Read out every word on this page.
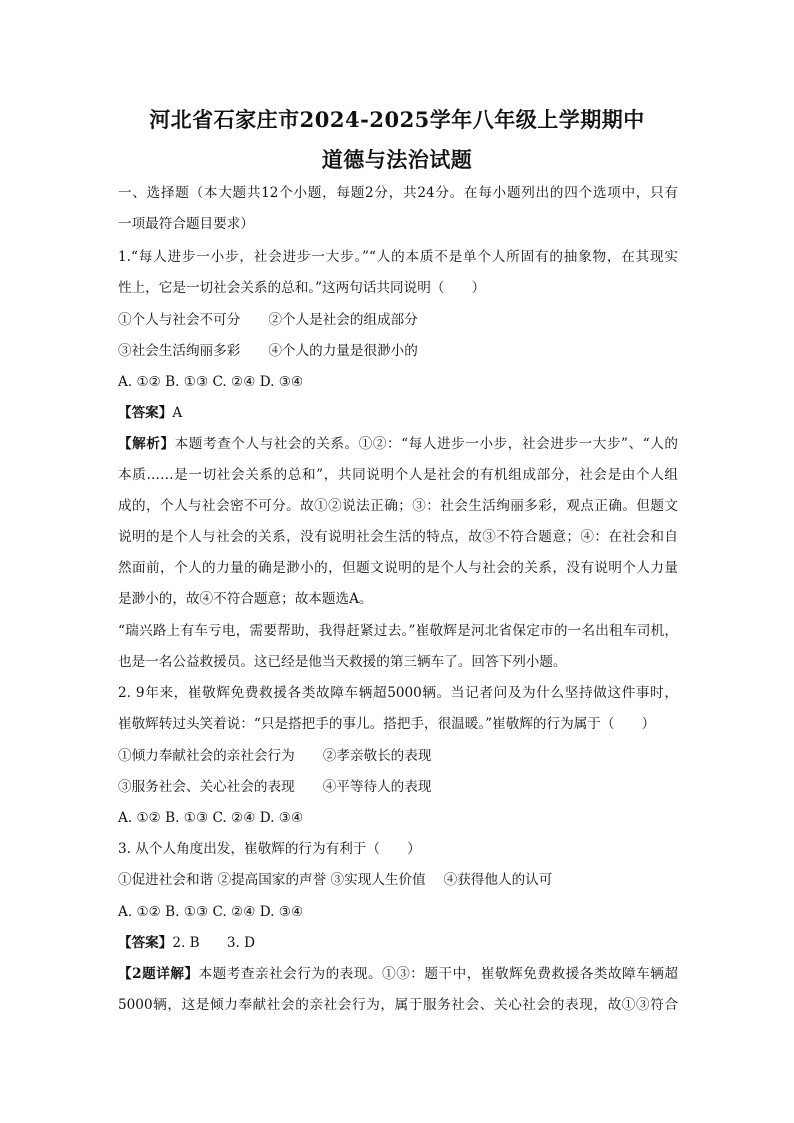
河北省石家庄市2024-2025学年八年级上学期期中
道德与法治试题
一、选择题（本大题共12个小题，每题2分，共24分。在每小题列出的四个选项中，只有
一项最符合题目要求）
1.“每人进步一小步，社会进步一大步。”“人的本质不是单个人所固有的抽象物，在其现实
性上，它是一切社会关系的总和。”这两句话共同说明（　　）
①个人与社会不可分 ②个人是社会的组成部分
③社会生活绚丽多彩 ④个人的力量是很渺小的
A. ①② B. ①③ C. ②④ D. ③④
【答案】A
【解析】本题考查个人与社会的关系。①②：“每人进步一小步，社会进步一大步”、“人的
本质……是一切社会关系的总和”，共同说明个人是社会的有机组成部分，社会是由个人组
成的，个人与社会密不可分。故①②说法正确；③：社会生活绚丽多彩，观点正确。但题文
说明的是个人与社会的关系，没有说明社会生活的特点，故③不符合题意；④：在社会和自
然面前，个人的力量的确是渺小的，但题文说明的是个人与社会的关系，没有说明个人力量
是渺小的，故④不符合题意；故本题选A。
“瑞兴路上有车亏电，需要帮助，我得赶紧过去。”崔敬辉是河北省保定市的一名出租车司机，
也是一名公益救援员。这已经是他当天救援的第三辆车了。回答下列小题。
2. 9年来，崔敬辉免费救援各类故障车辆超5000辆。当记者问及为什么坚持做这件事时，
崔敬辉转过头笑着说：“只是搭把手的事儿。搭把手，很温暖。”崔敬辉的行为属于（　　）
①倾力奉献社会的亲社会行为 ②孝亲敬长的表现
③服务社会、关心社会的表现 ④平等待人的表现
A. ①② B. ①③ C. ②④ D. ③④
3. 从个人角度出发，崔敬辉的行为有利于（　　）
①促进社会和谐 ②提高国家的声誉 ③实现人生价值　 ④获得他人的认可
A. ①② B. ①③ C. ②④ D. ③④
【答案】2. B　　3. D
【2题详解】本题考查亲社会行为的表现。①③：题干中，崔敬辉免费救援各类故障车辆超
5000辆，这是倾力奉献社会的亲社会行为，属于服务社会、关心社会的表现，故①③符合
